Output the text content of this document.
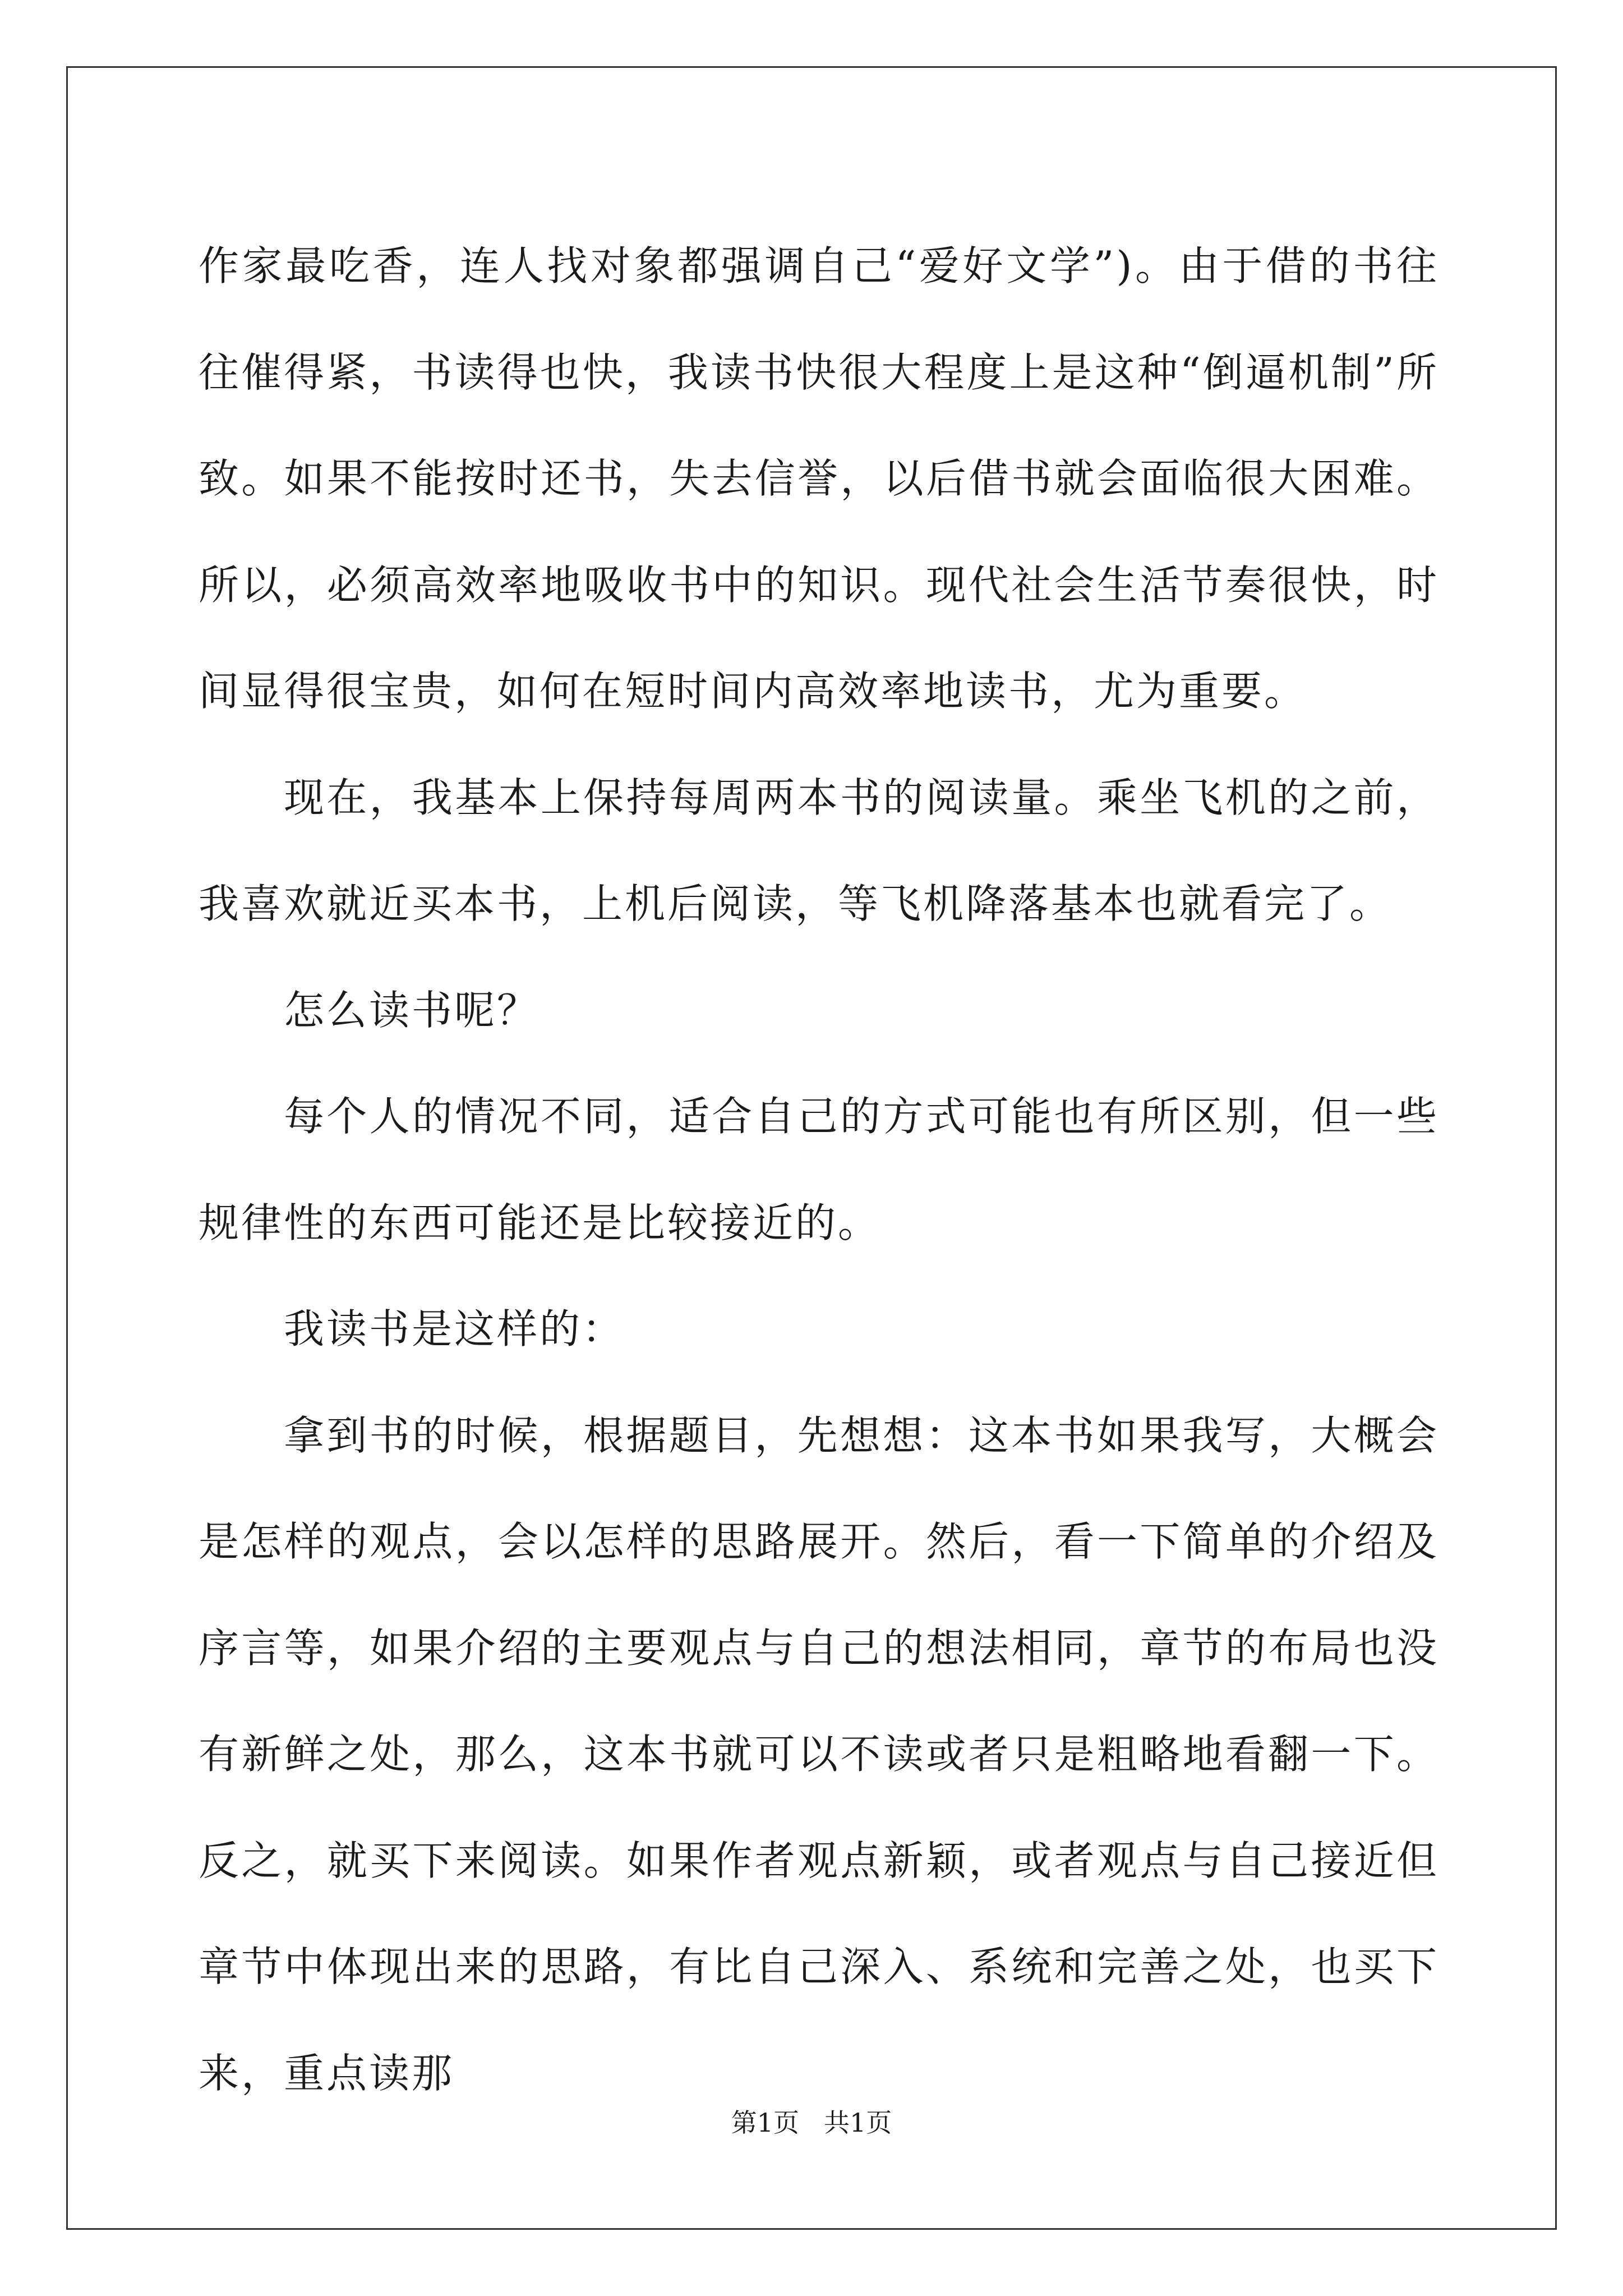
作家最吃香，连人找对象都强调自己“爱好文学”)。由于借的书往往催得紧，书读得也快，我读书快很大程度上是这种“倒逼机制”所致。如果不能按时还书，失去信誉，以后借书就会面临很大困难。所以，必须高效率地吸收书中的知识。现代社会生活节奏很快，时间显得很宝贵，如何在短时间内高效率地读书，尤为重要。

现在，我基本上保持每周两本书的阅读量。乘坐飞机的之前，我喜欢就近买本书，上机后阅读，等飞机降落基本也就看完了。

怎么读书呢？

每个人的情况不同，适合自己的方式可能也有所区别，但一些规律性的东西可能还是比较接近的。

我读书是这样的：

拿到书的时候，根据题目，先想想：这本书如果我写，大概会是怎样的观点，会以怎样的思路展开。然后，看一下简单的介绍及序言等，如果介绍的主要观点与自己的想法相同，章节的布局也没有新鲜之处，那么，这本书就可以不读或者只是粗略地看翻一下。反之，就买下来阅读。如果作者观点新颖，或者观点与自己接近但章节中体现出来的思路，有比自己深入、系统和完善之处，也买下来，重点读那

第1页 共1页
